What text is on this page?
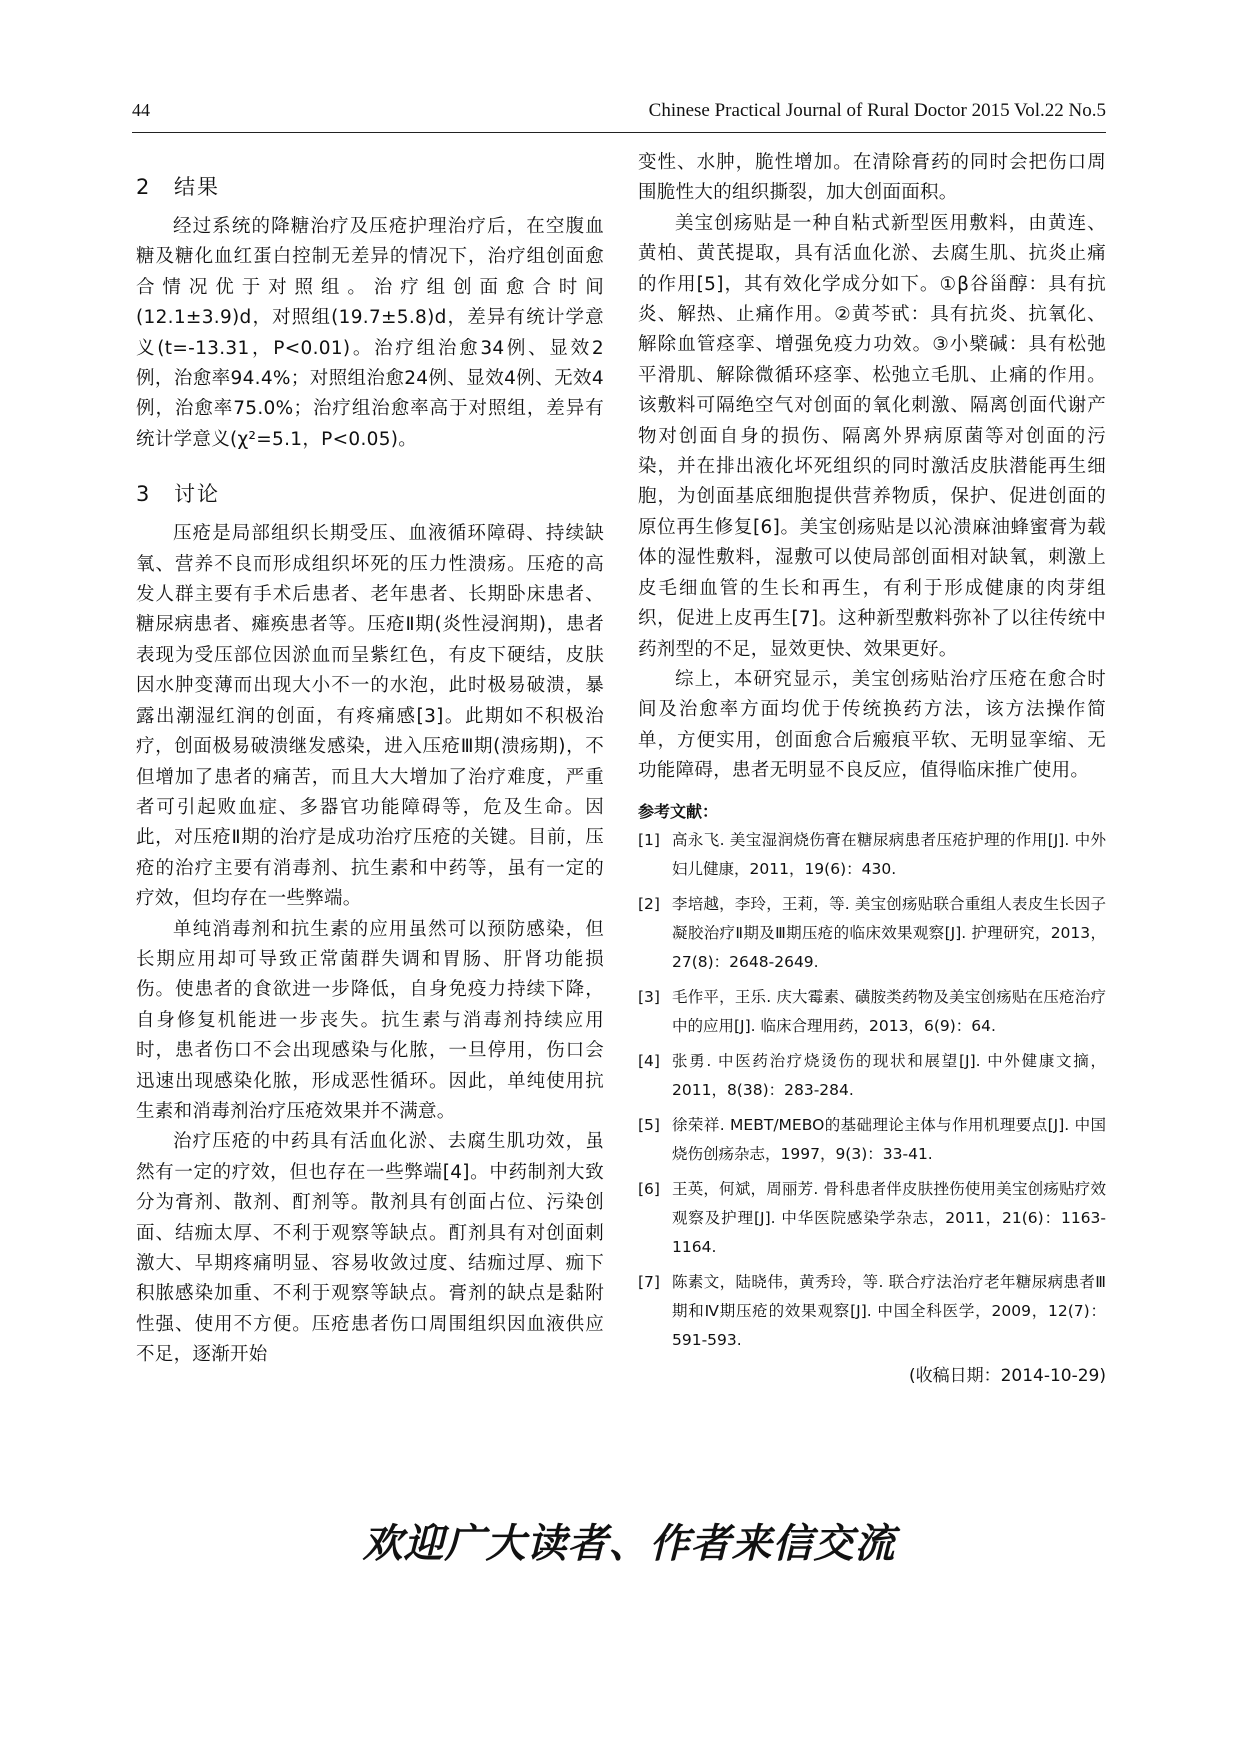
44	Chinese Practical Journal of Rural Doctor 2015 Vol.22 No.5
2 结果

经过系统的降糖治疗及压疮护理治疗后，在空腹血糖及糖化血红蛋白控制无差异的情况下，治疗组创面愈合情况优于对照组。治疗组创面愈合时间(12.1±3.9)d，对照组(19.7±5.8)d，差异有统计学意义(t=-13.31，P<0.01)。治疗组治愈34例、显效2例，治愈率94.4%；对照组治愈24例、显效4例、无效4例，治愈率75.0%；治疗组治愈率高于对照组，差异有统计学意义(χ²=5.1，P<0.05)。

3 讨论

压疮是局部组织长期受压、血液循环障碍、持续缺氧、营养不良而形成组织坏死的压力性溃疡。压疮的高发人群主要有手术后患者、老年患者、长期卧床患者、糖尿病患者、瘫痪患者等。压疮Ⅱ期(炎性浸润期)，患者表现为受压部位因淤血而呈紫红色，有皮下硬结，皮肤因水肿变薄而出现大小不一的水泡，此时极易破溃，暴露出潮湿红润的创面，有疼痛感[3]。此期如不积极治疗，创面极易破溃继发感染，进入压疮Ⅲ期(溃疡期)，不但增加了患者的痛苦，而且大大增加了治疗难度，严重者可引起败血症、多器官功能障碍等，危及生命。因此，对压疮Ⅱ期的治疗是成功治疗压疮的关键。目前，压疮的治疗主要有消毒剂、抗生素和中药等，虽有一定的疗效，但均存在一些弊端。

单纯消毒剂和抗生素的应用虽然可以预防感染，但长期应用却可导致正常菌群失调和胃肠、肝肾功能损伤。使患者的食欲进一步降低，自身免疫力持续下降，自身修复机能进一步丧失。抗生素与消毒剂持续应用时，患者伤口不会出现感染与化脓，一旦停用，伤口会迅速出现感染化脓，形成恶性循环。因此，单纯使用抗生素和消毒剂治疗压疮效果并不满意。

治疗压疮的中药具有活血化淤、去腐生肌功效，虽然有一定的疗效，但也存在一些弊端[4]。中药制剂大致分为膏剂、散剂、酊剂等。散剂具有创面占位、污染创面、结痂太厚、不利于观察等缺点。酊剂具有对创面刺激大、早期疼痛明显、容易收敛过度、结痂过厚、痂下积脓感染加重、不利于观察等缺点。膏剂的缺点是黏附性强、使用不方便。压疮患者伤口周围组织因血液供应不足，逐渐开始

变性、水肿，脆性增加。在清除膏药的同时会把伤口周围脆性大的组织撕裂，加大创面面积。

美宝创疡贴是一种自粘式新型医用敷料，由黄连、黄柏、黄芪提取，具有活血化淤、去腐生肌、抗炎止痛的作用[5]，其有效化学成分如下。①β谷甾醇：具有抗炎、解热、止痛作用。②黄芩甙：具有抗炎、抗氧化、解除血管痉挛、增强免疫力功效。③小檗碱：具有松弛平滑肌、解除微循环痉挛、松弛立毛肌、止痛的作用。该敷料可隔绝空气对创面的氧化刺激、隔离创面代谢产物对创面自身的损伤、隔离外界病原菌等对创面的污染，并在排出液化坏死组织的同时激活皮肤潜能再生细胞，为创面基底细胞提供营养物质，保护、促进创面的原位再生修复[6]。美宝创疡贴是以沁溃麻油蜂蜜膏为载体的湿性敷料，湿敷可以使局部创面相对缺氧，刺激上皮毛细血管的生长和再生，有利于形成健康的肉芽组织，促进上皮再生[7]。这种新型敷料弥补了以往传统中药剂型的不足，显效更快、效果更好。

综上，本研究显示，美宝创疡贴治疗压疮在愈合时间及治愈率方面均优于传统换药方法，该方法操作简单，方便实用，创面愈合后瘢痕平软、无明显挛缩、无功能障碍，患者无明显不良反应，值得临床推广使用。

参考文献：
[1] 高永飞. 美宝湿润烧伤膏在糖尿病患者压疮护理的作用[J]. 中外妇儿健康，2011，19(6)：430.
[2] 李培越，李玲，王莉，等. 美宝创疡贴联合重组人表皮生长因子凝胶治疗Ⅱ期及Ⅲ期压疮的临床效果观察[J]. 护理研究，2013，27(8)：2648-2649.
[3] 毛作平，王乐. 庆大霉素、磺胺类药物及美宝创疡贴在压疮治疗中的应用[J]. 临床合理用药，2013，6(9)：64.
[4] 张勇. 中医药治疗烧烫伤的现状和展望[J]. 中外健康文摘，2011，8(38)：283-284.
[5] 徐荣祥. MEBT/MEBO的基础理论主体与作用机理要点[J]. 中国烧伤创疡杂志，1997，9(3)：33-41.
[6] 王英，何斌，周丽芳. 骨科患者伴皮肤挫伤使用美宝创疡贴疗效观察及护理[J]. 中华医院感染学杂志，2011，21(6)：1163-1164.
[7] 陈素文，陆晓伟，黄秀玲，等. 联合疗法治疗老年糖尿病患者Ⅲ期和Ⅳ期压疮的效果观察[J]. 中国全科医学，2009，12(7)：591-593.
(收稿日期：2014-10-29)
欢迎广大读者、作者来信交流
